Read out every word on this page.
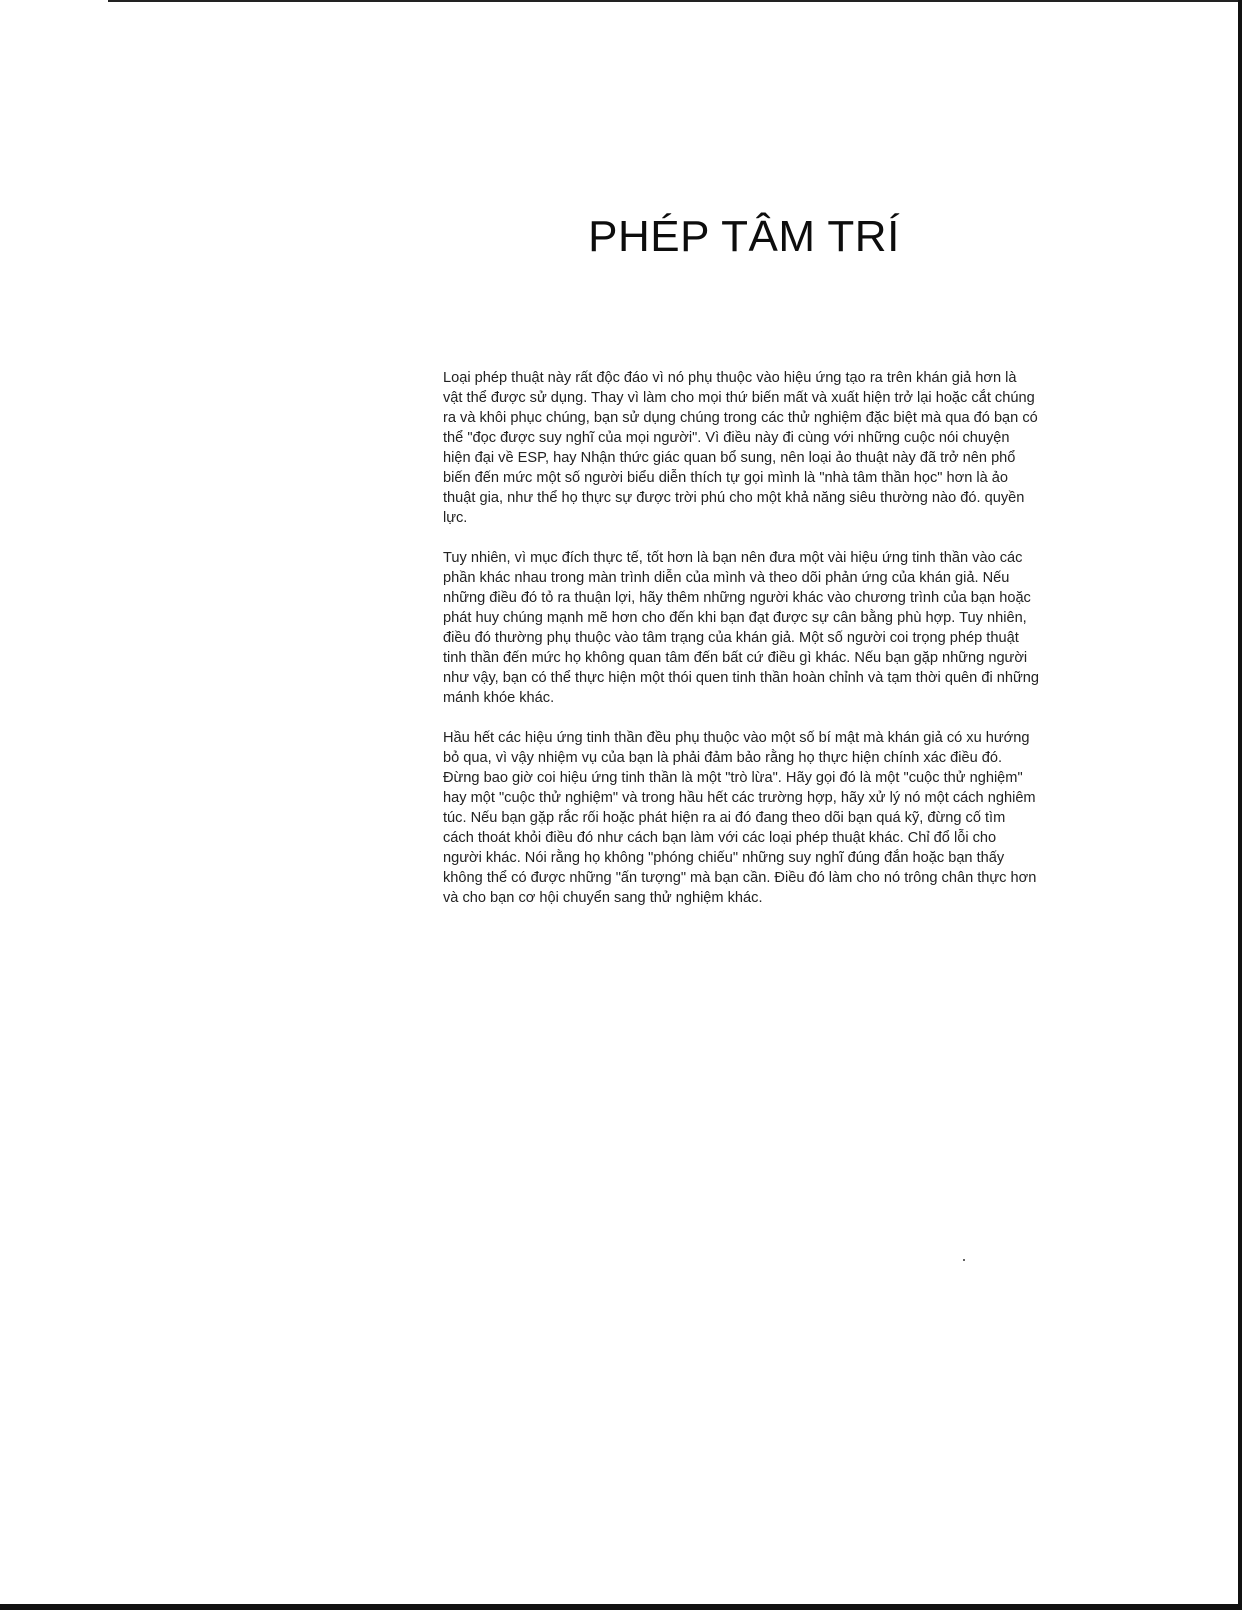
PHÉP TÂM TRÍ

Loại phép thuật này rất độc đáo vì nó phụ thuộc vào hiệu ứng tạo ra trên khán giả hơn là vật thể được sử dụng. Thay vì làm cho mọi thứ biến mất và xuất hiện trở lại hoặc cắt chúng ra và khôi phục chúng, bạn sử dụng chúng trong các thử nghiệm đặc biệt mà qua đó bạn có thể "đọc được suy nghĩ của mọi người". Vì điều này đi cùng với những cuộc nói chuyện hiện đại về ESP, hay Nhận thức giác quan bổ sung, nên loại ảo thuật này đã trở nên phổ biến đến mức một số người biểu diễn thích tự gọi mình là "nhà tâm thần học" hơn là ảo thuật gia, như thể họ thực sự được trời phú cho một khả năng siêu thường nào đó. quyền lực.

Tuy nhiên, vì mục đích thực tế, tốt hơn là bạn nên đưa một vài hiệu ứng tinh thần vào các phần khác nhau trong màn trình diễn của mình và theo dõi phản ứng của khán giả. Nếu những điều đó tỏ ra thuận lợi, hãy thêm những người khác vào chương trình của bạn hoặc phát huy chúng mạnh mẽ hơn cho đến khi bạn đạt được sự cân bằng phù hợp. Tuy nhiên, điều đó thường phụ thuộc vào tâm trạng của khán giả. Một số người coi trọng phép thuật tinh thần đến mức họ không quan tâm đến bất cứ điều gì khác. Nếu bạn gặp những người như vậy, bạn có thể thực hiện một thói quen tinh thần hoàn chỉnh và tạm thời quên đi những mánh khóe khác.

Hầu hết các hiệu ứng tinh thần đều phụ thuộc vào một số bí mật mà khán giả có xu hướng bỏ qua, vì vậy nhiệm vụ của bạn là phải đảm bảo rằng họ thực hiện chính xác điều đó. Đừng bao giờ coi hiệu ứng tinh thần là một "trò lừa". Hãy gọi đó là một "cuộc thử nghiệm" hay một "cuộc thử nghiệm" và trong hầu hết các trường hợp, hãy xử lý nó một cách nghiêm túc. Nếu bạn gặp rắc rối hoặc phát hiện ra ai đó đang theo dõi bạn quá kỹ, đừng cố tìm cách thoát khỏi điều đó như cách bạn làm với các loại phép thuật khác. Chỉ đổ lỗi cho người khác. Nói rằng họ không "phóng chiếu" những suy nghĩ đúng đắn hoặc bạn thấy không thể có được những "ấn tượng" mà bạn cần. Điều đó làm cho nó trông chân thực hơn và cho bạn cơ hội chuyển sang thử nghiệm khác.
